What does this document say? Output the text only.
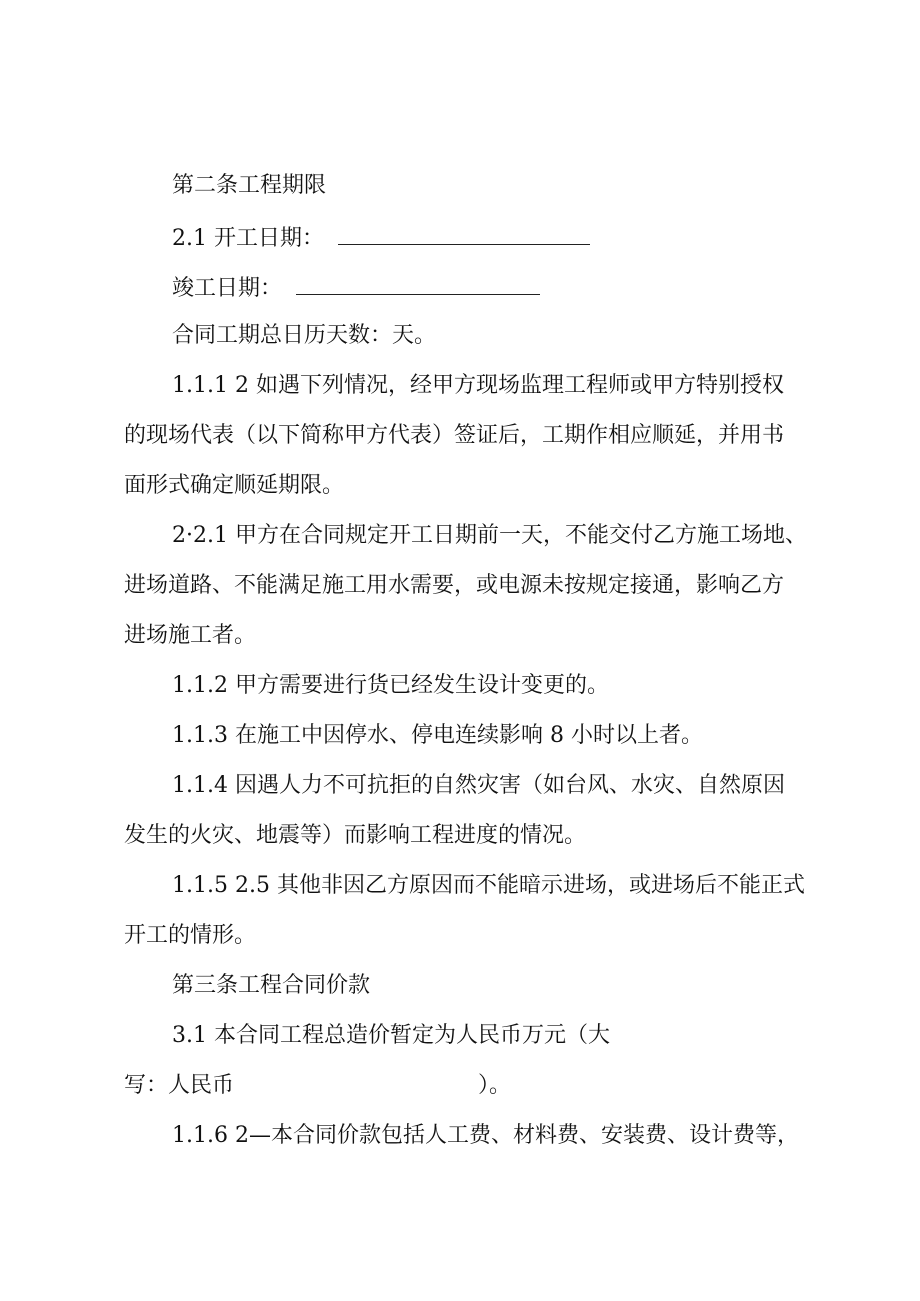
第二条工程期限
2.1 开工日期：
竣工日期：
合同工期总日历天数：天。
1.1.1 2 如遇下列情况，经甲方现场监理工程师或甲方特别授权
的现场代表（以下简称甲方代表）签证后，工期作相应顺延，并用书
面形式确定顺延期限。
2·2.1 甲方在合同规定开工日期前一天，不能交付乙方施工场地、
进场道路、不能满足施工用水需要，或电源未按规定接通，影响乙方
进场施工者。
1.1.2 甲方需要进行货已经发生设计变更的。
1.1.3 在施工中因停水、停电连续影响 8 小时以上者。
1.1.4 因遇人力不可抗拒的自然灾害（如台风、水灾、自然原因
发生的火灾、地震等）而影响工程进度的情况。
1.1.5 2.5 其他非因乙方原因而不能暗示进场，或进场后不能正式
开工的情形。
第三条工程合同价款
3.1 本合同工程总造价暂定为人民币万元（大
写：人民币	）。
1.1.6 2—本合同价款包括人工费、材料费、安装费、设计费等，
